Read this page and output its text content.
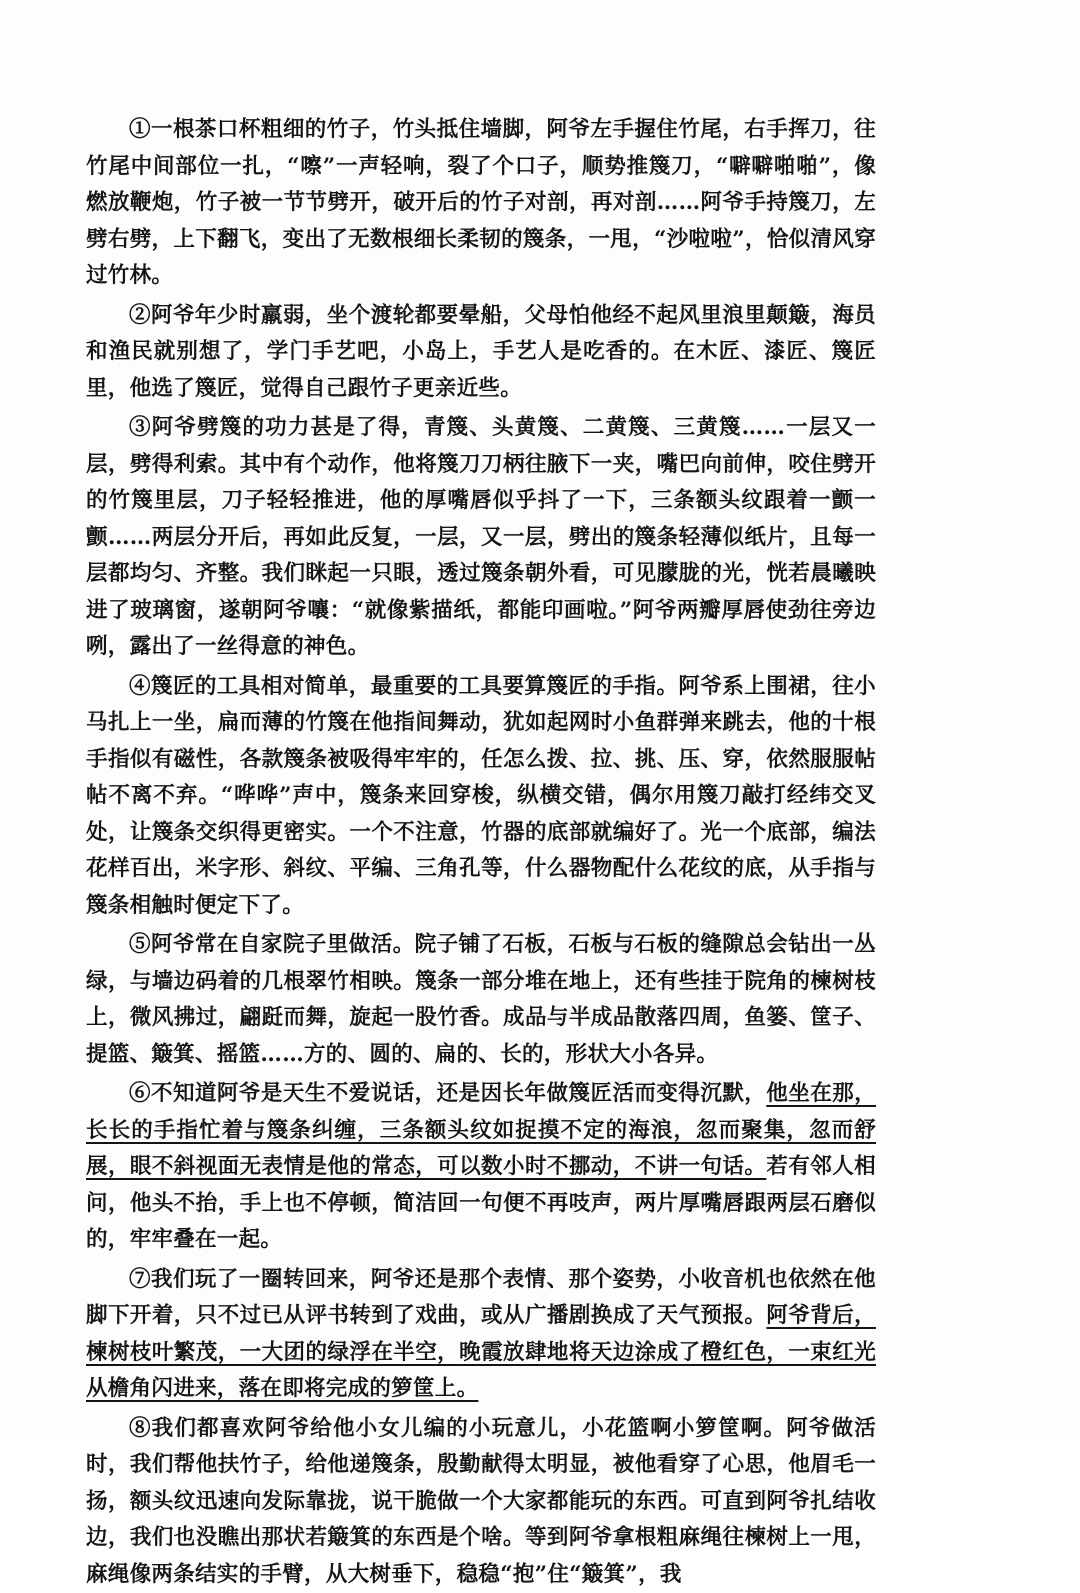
①一根茶口杯粗细的竹子，竹头抵住墙脚，阿爷左手握住竹尾，右手挥刀，往竹尾中间部位一扎，“嚓”一声轻响，裂了个口子，顺势推篾刀，“噼噼啪啪”，像燃放鞭炮，竹子被一节节劈开，破开后的竹子对剖，再对剖……阿爷手持篾刀，左劈右劈，上下翻飞，变出了无数根细长柔韧的篾条，一甩，“沙啦啦”，恰似清风穿过竹林。

②阿爷年少时羸弱，坐个渡轮都要晕船，父母怕他经不起风里浪里颠簸，海员和渔民就别想了，学门手艺吧，小岛上，手艺人是吃香的。在木匠、漆匠、篾匠里，他选了篾匠，觉得自己跟竹子更亲近些。

③阿爷劈篾的功力甚是了得，青篾、头黄篾、二黄篾、三黄篾……一层又一层，劈得利索。其中有个动作，他将篾刀刀柄往腋下一夹，嘴巴向前伸，咬住劈开的竹篾里层，刀子轻轻推进，他的厚嘴唇似乎抖了一下，三条额头纹跟着一颤一颤……两层分开后，再如此反复，一层，又一层，劈出的篾条轻薄似纸片，且每一层都均匀、齐整。我们眯起一只眼，透过篾条朝外看，可见朦胧的光，恍若晨曦映进了玻璃窗，遂朝阿爷嚷：“就像紫描纸，都能印画啦。”阿爷两瓣厚唇使劲往旁边咧，露出了一丝得意的神色。

④篾匠的工具相对简单，最重要的工具要算篾匠的手指。阿爷系上围裙，往小马扎上一坐，扁而薄的竹篾在他指间舞动，犹如起网时小鱼群弹来跳去，他的十根手指似有磁性，各款篾条被吸得牢牢的，任怎么拨、拉、挑、压、穿，依然服服帖帖不离不弃。“哗哗”声中，篾条来回穿梭，纵横交错，偶尔用篾刀敲打经纬交叉处，让篾条交织得更密实。一个不注意，竹器的底部就编好了。光一个底部，编法花样百出，米字形、斜纹、平编、三角孔等，什么器物配什么花纹的底，从手指与篾条相触时便定下了。

⑤阿爷常在自家院子里做活。院子铺了石板，石板与石板的缝隙总会钻出一丛绿，与墙边码着的几根翠竹相映。篾条一部分堆在地上，还有些挂于院角的楝树枝上，微风拂过，翩跹而舞，旋起一股竹香。成品与半成品散落四周，鱼篓、筐子、提篮、簸箕、摇篮……方的、圆的、扁的、长的，形状大小各异。

⑥不知道阿爷是天生不爱说话，还是因长年做篾匠活而变得沉默，他坐在那，长长的手指忙着与篾条纠缠，三条额头纹如捉摸不定的海浪，忽而聚集，忽而舒展，眼不斜视面无表情是他的常态，可以数小时不挪动，不讲一句话。若有邻人相问，他头不抬，手上也不停顿，简洁回一句便不再吱声，两片厚嘴唇跟两层石磨似的，牢牢叠在一起。

⑦我们玩了一圈转回来，阿爷还是那个表情、那个姿势，小收音机也依然在他脚下开着，只不过已从评书转到了戏曲，或从广播剧换成了天气预报。阿爷背后，楝树枝叶繁茂，一大团的绿浮在半空，晚霞放肆地将天边涂成了橙红色，一束红光从檐角闪进来，落在即将完成的箩筐上。

⑧我们都喜欢阿爷给他小女儿编的小玩意儿，小花篮啊小箩筐啊。阿爷做活时，我们帮他扶竹子，给他递篾条，殷勤献得太明显，被他看穿了心思，他眉毛一扬，额头纹迅速向发际靠拢，说干脆做一个大家都能玩的东西。可直到阿爷扎结收边，我们也没瞧出那状若簸箕的东西是个啥。等到阿爷拿根粗麻绳往楝树上一甩，麻绳像两条结实的手臂，从大树垂下，稳稳“抱”住“簸箕”，我
